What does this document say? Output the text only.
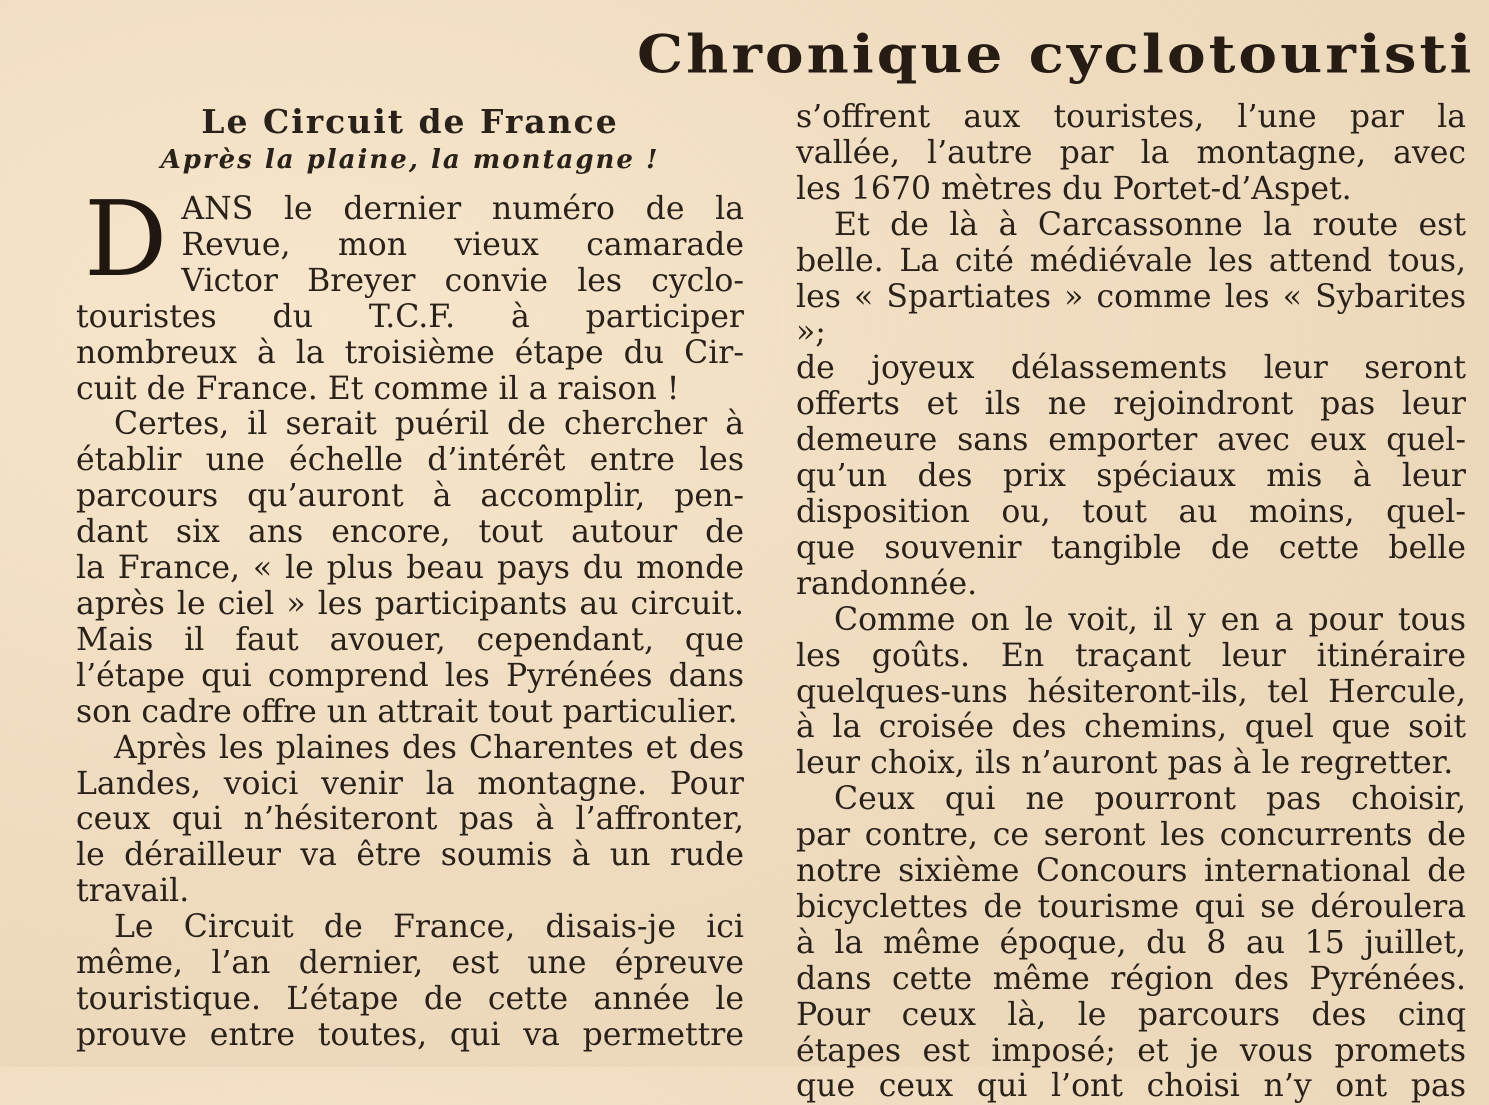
Chronique cyclotouristi
Le Circuit de France
Après la plaine, la montagne !
D ANS le dernier numéro de la
Revue, mon vieux camarade
Victor Breyer convie les cyclo-
touristes du T.C.F. à participer
nombreux à la troisième étape du Cir-
cuit de France. Et comme il a raison !
Certes, il serait puéril de chercher à
établir une échelle d’intérêt entre les
parcours qu’auront à accomplir, pen-
dant six ans encore, tout autour de
la France, « le plus beau pays du monde
après le ciel » les participants au circuit.
Mais il faut avouer, cependant, que
l’étape qui comprend les Pyrénées dans
son cadre offre un attrait tout particulier.
Après les plaines des Charentes et des
Landes, voici venir la montagne. Pour
ceux qui n’hésiteront pas à l’affronter,
le dérailleur va être soumis à un rude
travail.
Le Circuit de France, disais-je ici
même, l’an dernier, est une épreuve
touristique. L’étape de cette année le
prouve entre toutes, qui va permettre
s’offrent aux touristes, l’une par la
vallée, l’autre par la montagne, avec
les 1670 mètres du Portet-d’Aspet.
Et de là à Carcassonne la route est
belle. La cité médiévale les attend tous,
les « Spartiates » comme les « Sybarites »;
de joyeux délassements leur seront
offerts et ils ne rejoindront pas leur
demeure sans emporter avec eux quel-
qu’un des prix spéciaux mis à leur
disposition ou, tout au moins, quel-
que souvenir tangible de cette belle
randonnée.
Comme on le voit, il y en a pour tous
les goûts. En traçant leur itinéraire
quelques-uns hésiteront-ils, tel Hercule,
à la croisée des chemins, quel que soit
leur choix, ils n’auront pas à le regretter.
Ceux qui ne pourront pas choisir,
par contre, ce seront les concurrents de
notre sixième Concours international de
bicyclettes de tourisme qui se déroulera
à la même époque, du 8 au 15 juillet,
dans cette même région des Pyrénées.
Pour ceux là, le parcours des cinq
étapes est imposé; et je vous promets
que ceux qui l’ont choisi n’y ont pas
